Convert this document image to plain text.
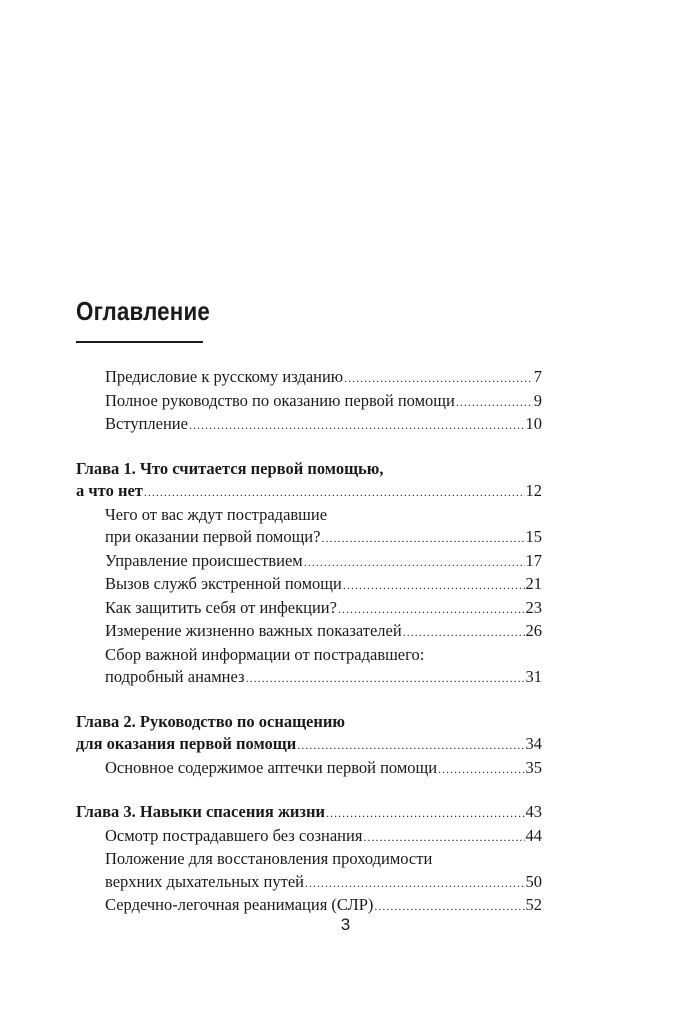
Оглавление
Предисловие к русскому изданию .....	7
Полное руководство по оказанию первой помощи .....	9
Вступление .....	10
Глава 1. Что считается первой помощью,
а что нет .....	12
Чего от вас ждут пострадавшие
при оказании первой помощи? .....	15
Управление происшествием .....	17
Вызов служб экстренной помощи .....	21
Как защитить себя от инфекции? .....	23
Измерение жизненно важных показателей .....	26
Сбор важной информации от пострадавшего:
подробный анамнез .....	31
Глава 2. Руководство по оснащению
для оказания первой помощи .....	34
Основное содержимое аптечки первой помощи .....	35
Глава 3. Навыки спасения жизни .....	43
Осмотр пострадавшего без сознания .....	44
Положение для восстановления проходимости
верхних дыхательных путей .....	50
Сердечно-легочная реанимация (СЛР) .....	52
3
